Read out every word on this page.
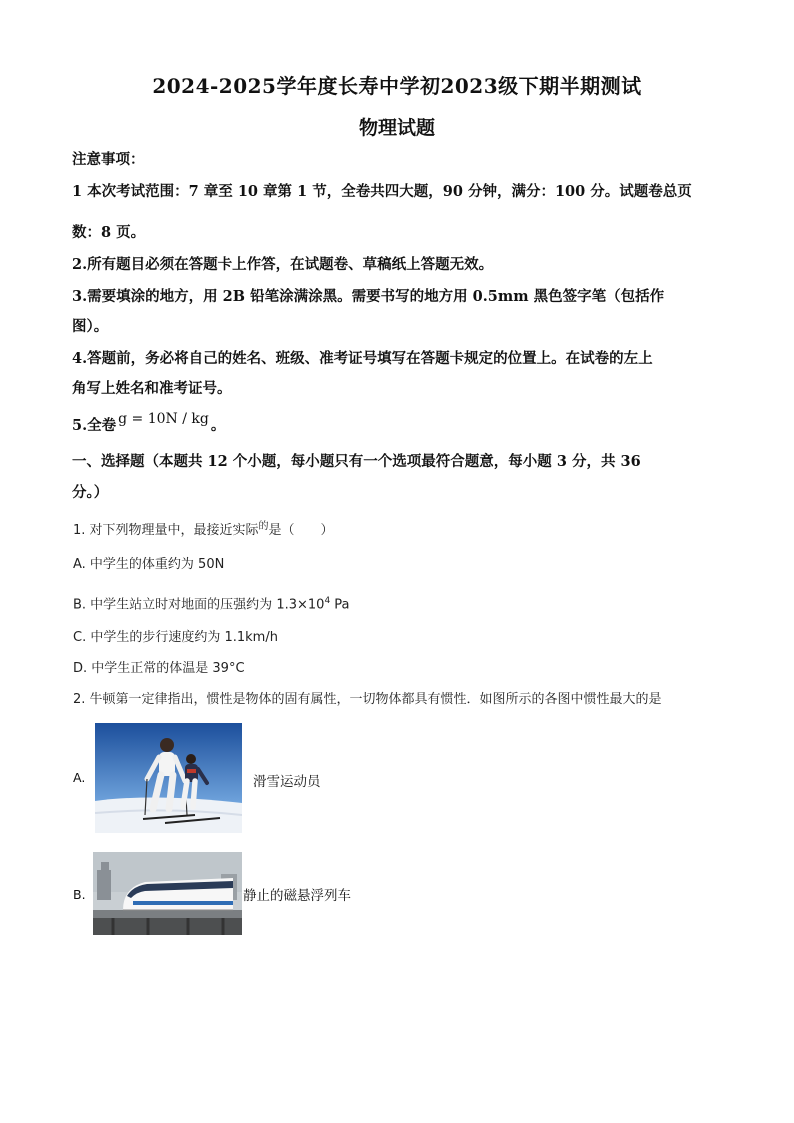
2024-2025学年度长寿中学初2023级下期半期测试
物理试题
注意事项：
1 本次考试范围：7 章至 10 章第 1 节，全卷共四大题，90 分钟，满分：100 分。试题卷总页
数：8 页。
2.所有题目必须在答题卡上作答，在试题卷、草稿纸上答题无效。
3.需要填涂的地方，用 2B 铅笔涂满涂黑。需要书写的地方用 0.5mm 黑色签字笔（包括作
图）。
4.答题前，务必将自己的姓名、班级、准考证号填写在答题卡规定的位置上。在试卷的左上
角写上姓名和准考证号。
5.全卷 g = 10N / kg 。
一、选择题（本题共 12 个小题，每小题只有一个选项最符合题意，每小题 3 分，共 36
分。）
1. 对下列物理量中，最接近实际$^的$是（　　）
A. 中学生的体重约为 50N
B. 中学生站立时对地面的压强约为 $1.3\times 10^4$ Pa
C. 中学生的步行速度约为 1.1km/h
D. 中学生正常的体温是 39°C
2. 牛顿第一定律指出，惯性是物体的固有属性，一切物体都具有惯性．如图所示的各图中惯性最大的是
A.	滑雪运动员
B.	静止的磁悬浮列车
